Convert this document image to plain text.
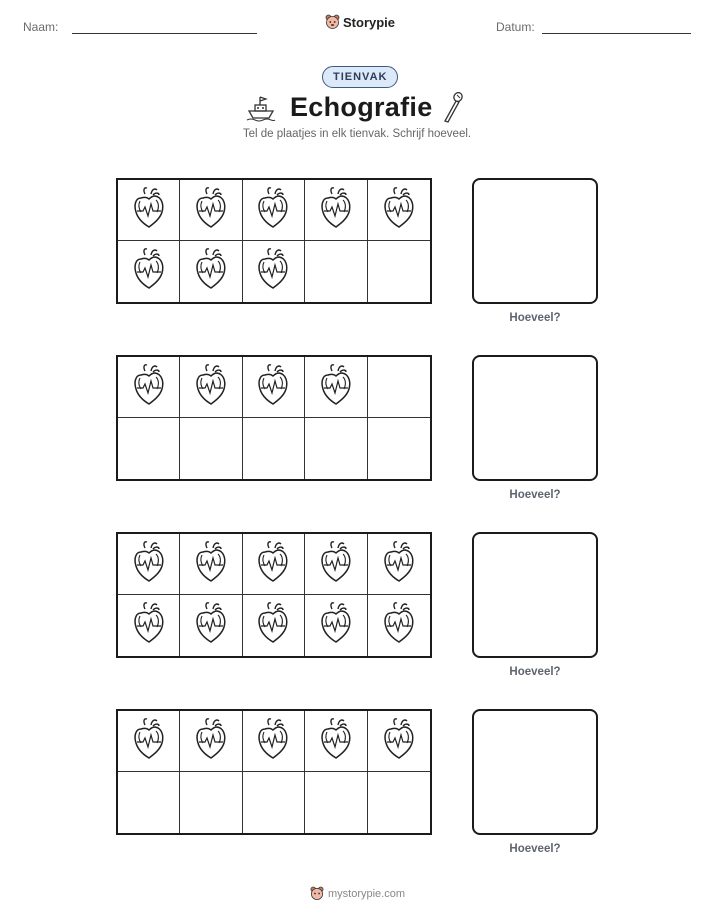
Naam:	Storypie	Datum:
TIENVAK
Echografie
Tel de plaatjes in elk tienvak. Schrijf hoeveel.
Hoeveel?
Hoeveel?
Hoeveel?
Hoeveel?
mystorypie.com
